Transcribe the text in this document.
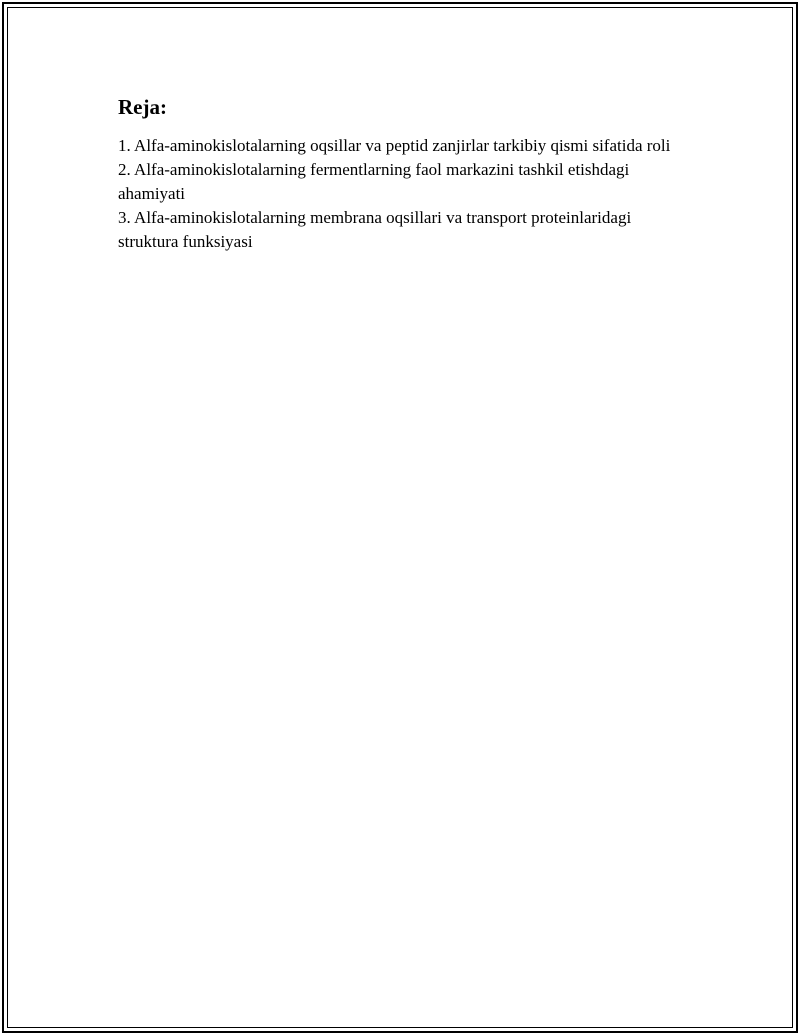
Reja:
1. Alfa-aminokislotalarning oqsillar va peptid zanjirlar tarkibiy qismi sifatida roli
2. Alfa-aminokislotalarning fermentlarning faol markazini tashkil etishdagi ahamiyati
3. Alfa-aminokislotalarning membrana oqsillari va transport proteinlaridagi struktura funksiyasi
